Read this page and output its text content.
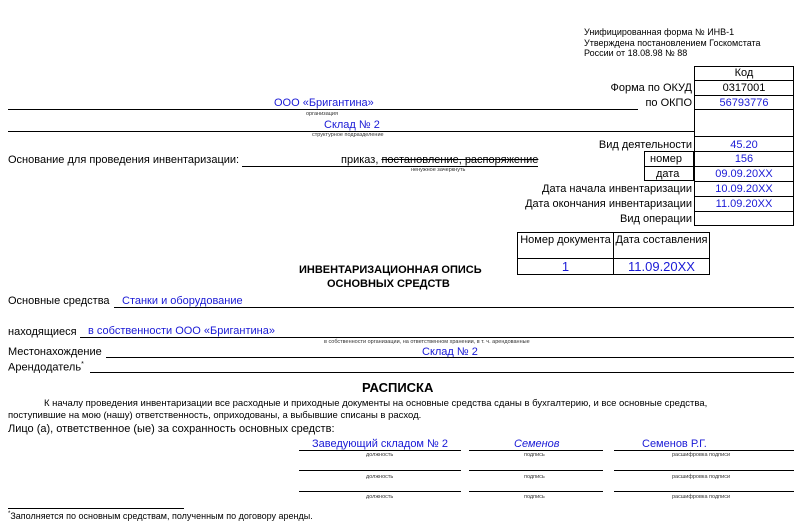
Унифицированная форма № ИНВ-1
Утверждена постановлением Госкомстата
России от 18.08.98 № 88
Код
Форма по ОКУД	0317001
по ОКПО	56793776
Вид деятельности	45.20
номер	156
дата	09.09.20XX
Дата начала инвентаризации	10.09.20XX
Дата окончания инвентаризации	11.09.20XX
Вид операции
ООО «Бригантина»
организация
Склад № 2
структурное подразделение
Основание для проведения инвентаризации:	приказ, постановление, распоряжение
ненужное зачеркнуть
Номер документа Дата составления
1	11.09.20XX
ИНВЕНТАРИЗАЦИОННАЯ ОПИСЬ
ОСНОВНЫХ СРЕДСТВ
Основные средства Станки и оборудование
находящиеся в собственности ООО «Бригантина»
в собственности организации, на ответственном хранении, в т. ч. арендованные
Местонахождение	Склад № 2
Арендодатель*
РАСПИСКА
К началу проведения инвентаризации все расходные и приходные документы на основные средства сданы в бухгалтерию, и все основные средства,
поступившие на мою (нашу) ответственность, оприходованы, а выбывшие списаны в расход.
Лицо (а), ответственное (ые) за сохранность основных средств:
Заведующий складом № 2	Семенов	Семенов Р.Г.
должность	подпись	расшифровка подписи
должность	подпись	расшифровка подписи
должность	подпись	расшифровка подписи
*Заполняется по основным средствам, полученным по договору аренды.
